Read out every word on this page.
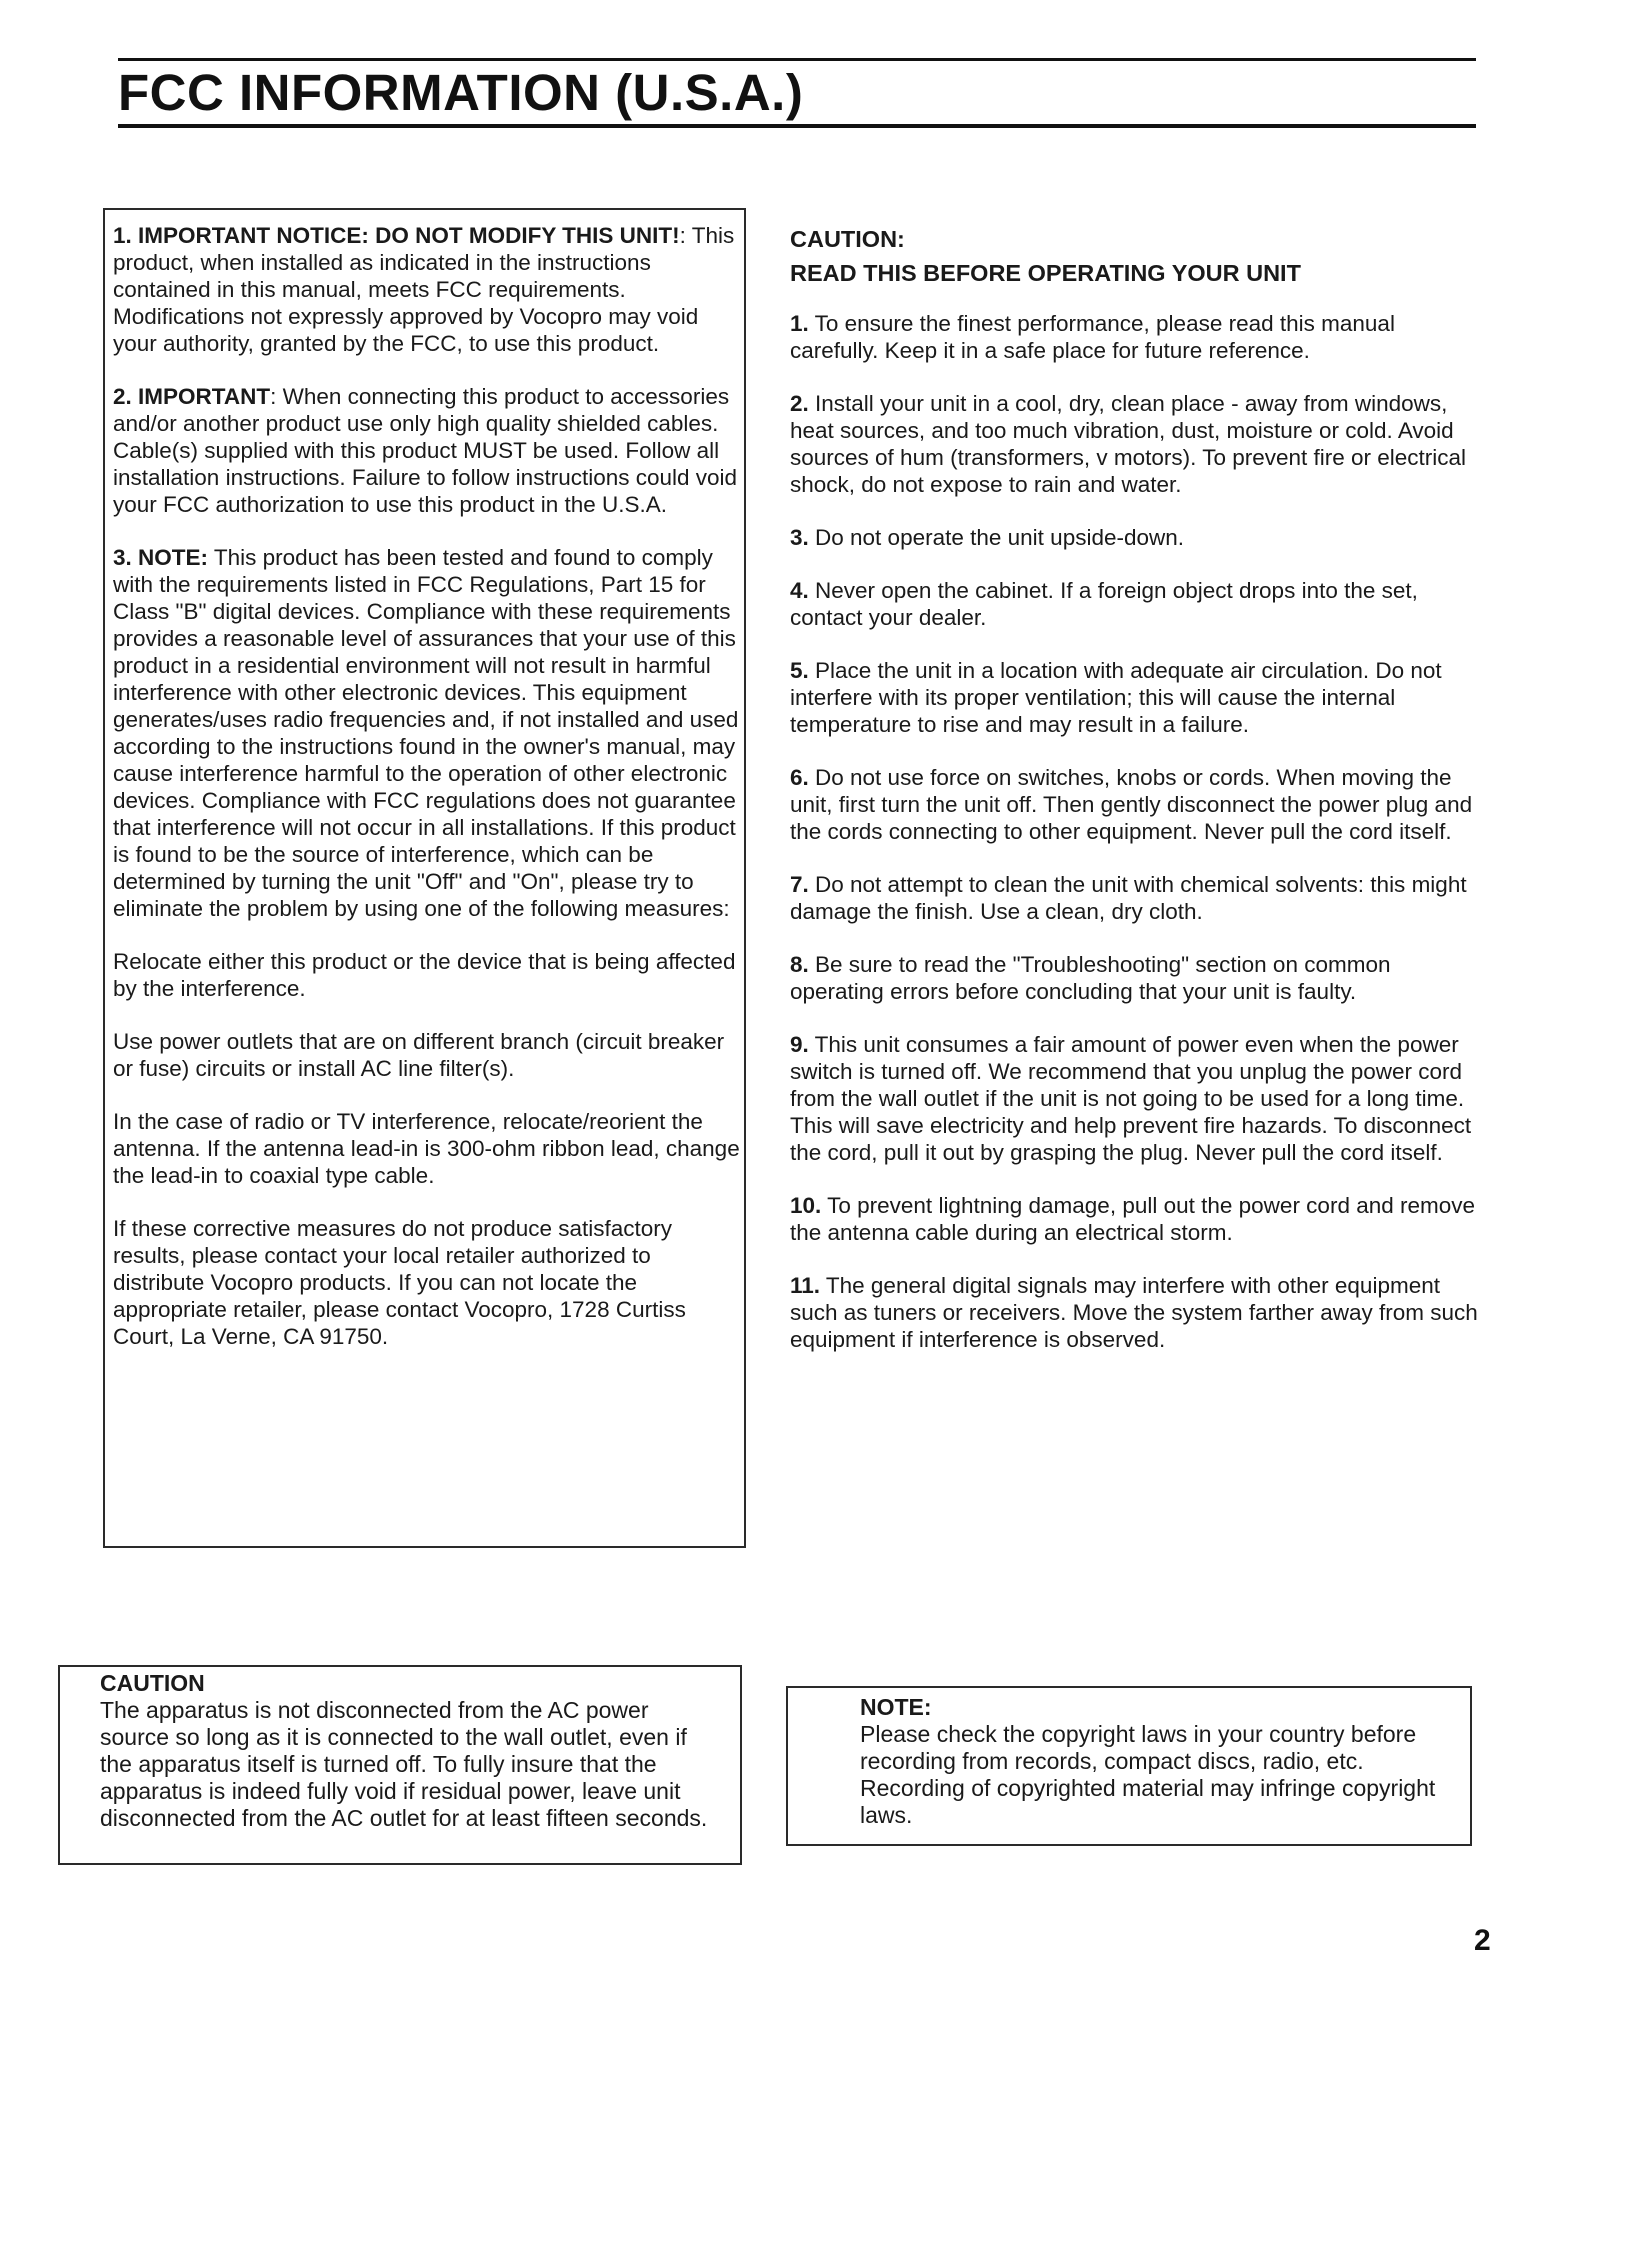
FCC INFORMATION (U.S.A.)

1. IMPORTANT NOTICE: DO NOT MODIFY THIS UNIT!: This product, when installed as indicated in the instructions contained in this manual, meets FCC requirements. Modifications not expressly approved by Vocopro may void your authority, granted by the FCC, to use this product.

2. IMPORTANT: When connecting this product to accessories and/or another product use only high quality shielded cables. Cable(s) supplied with this product MUST be used. Follow all installation instructions. Failure to follow instructions could void your FCC authorization to use this product in the U.S.A.

3. NOTE: This product has been tested and found to comply with the requirements listed in FCC Regulations, Part 15 for Class "B" digital devices. Compliance with these requirements provides a reasonable level of assurances that your use of this product in a residential environment will not result in harmful interference with other electronic devices. This equipment generates/uses radio frequencies and, if not installed and used according to the instructions found in the owner's manual, may cause interference harmful to the operation of other electronic devices. Compliance with FCC regulations does not guarantee that interference will not occur in all installations. If this product is found to be the source of interference, which can be determined by turning the unit "Off" and "On", please try to eliminate the problem by using one of the following measures:

Relocate either this product or the device that is being affected by the interference.

Use power outlets that are on different branch (circuit breaker or fuse) circuits or install AC line filter(s).

In the case of radio or TV interference, relocate/reorient the antenna. If the antenna lead-in is 300-ohm ribbon lead, change the lead-in to coaxial type cable.

If these corrective measures do not produce satisfactory results, please contact your local retailer authorized to distribute Vocopro products. If you can not locate the appropriate retailer, please contact Vocopro, 1728 Curtiss Court, La Verne, CA 91750.

CAUTION:
READ THIS BEFORE OPERATING YOUR UNIT

1. To ensure the finest performance, please read this manual carefully. Keep it in a safe place for future reference.

2. Install your unit in a cool, dry, clean place - away from windows, heat sources, and too much vibration, dust, moisture or cold. Avoid sources of hum (transformers, v motors). To prevent fire or electrical shock, do not expose to rain and water.

3. Do not operate the unit upside-down.

4. Never open the cabinet. If a foreign object drops into the set, contact your dealer.

5. Place the unit in a location with adequate air circulation. Do not interfere with its proper ventilation; this will cause the internal temperature to rise and may result in a failure.

6. Do not use force on switches, knobs or cords. When moving the unit, first turn the unit off. Then gently disconnect the power plug and the cords connecting to other equipment. Never pull the cord itself.

7. Do not attempt to clean the unit with chemical solvents: this might damage the finish. Use a clean, dry cloth.

8. Be sure to read the "Troubleshooting" section on common operating errors before concluding that your unit is faulty.

9. This unit consumes a fair amount of power even when the power switch is turned off. We recommend that you unplug the power cord from the wall outlet if the unit is not going to be used for a long time. This will save electricity and help prevent fire hazards. To disconnect the cord, pull it out by grasping the plug. Never pull the cord itself.

10. To prevent lightning damage, pull out the power cord and remove the antenna cable during an electrical storm.

11. The general digital signals may interfere with other equipment such as tuners or receivers. Move the system farther away from such equipment if interference is observed.

CAUTION
The apparatus is not disconnected from the AC power source so long as it is connected to the wall outlet, even if the apparatus itself is turned off. To fully insure that the apparatus is indeed fully void if residual power, leave unit disconnected from the AC outlet for at least fifteen seconds.
NOTE:
Please check the copyright laws in your country before recording from records, compact discs, radio, etc. Recording of copyrighted material may infringe copyright laws.
2
